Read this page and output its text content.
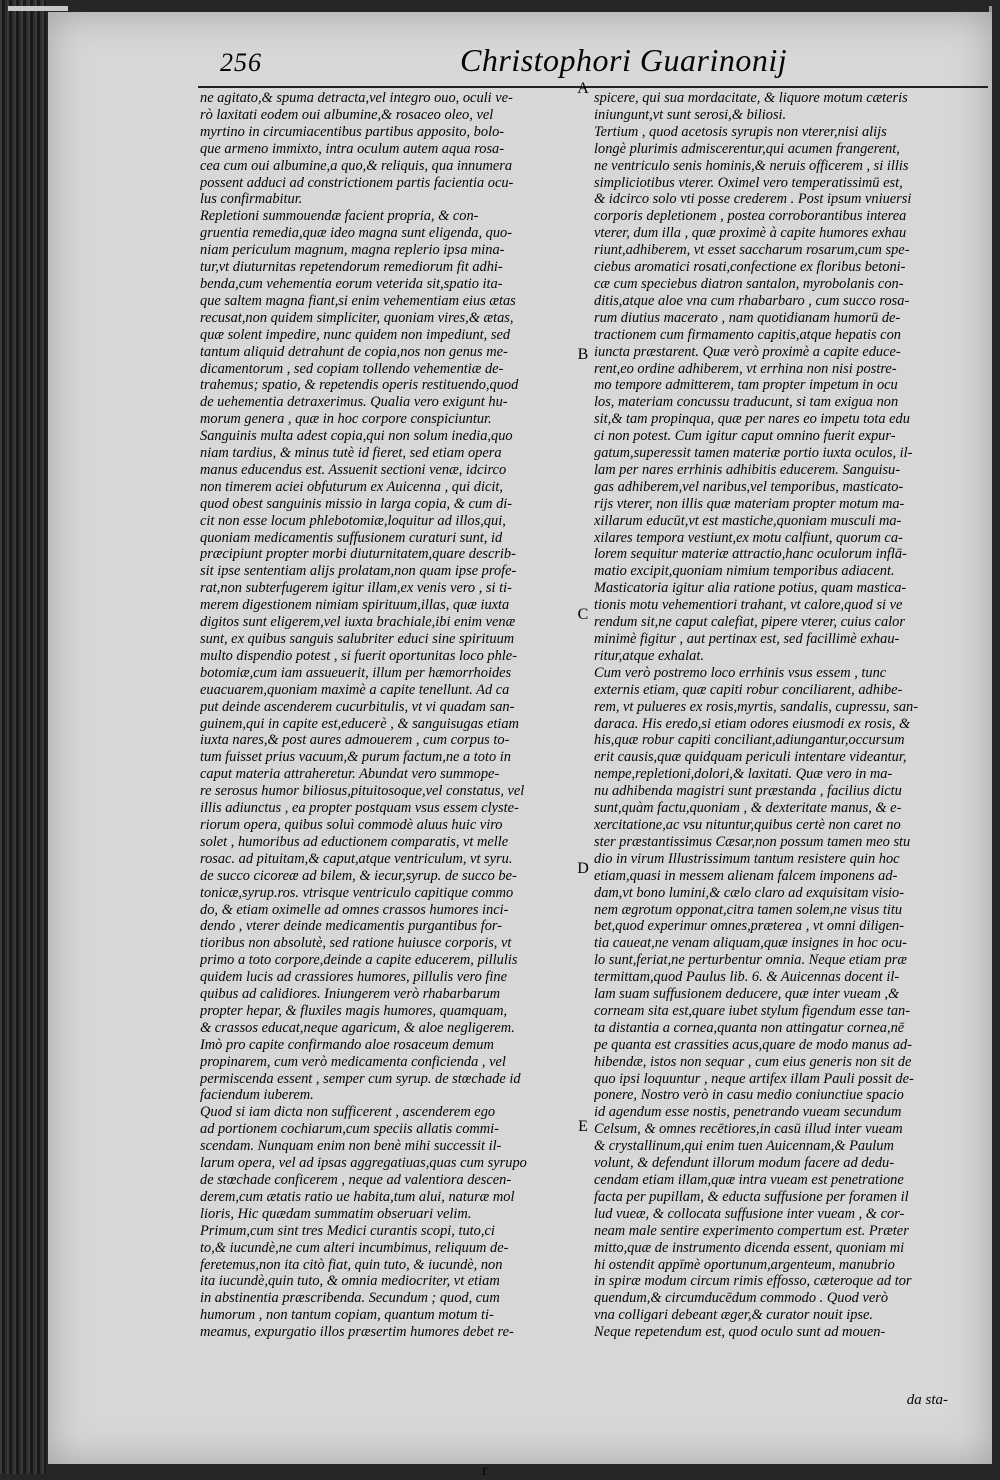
256	Christophori Guarinonij
ne agitato,& spuma detracta,vel integro ouo, oculi ve-
rò laxitati eodem oui albumine,& rosaceo oleo, vel
myrtino in circumiacentibus partibus apposito, bolo-
que armeno immixto, intra oculum autem aqua rosa-
cea cum oui albumine,a quo,& reliquis, qua innumera
possent adduci ad constrictionem partis facientia ocu-
lus confirmabitur.
Repletioni summouendæ facient propria, & con-
gruentia remedia,quæ ideo magna sunt eligenda, quo-
niam periculum magnum, magna replerio ipsa mina-
tur,vt diuturnitas repetendorum remediorum fit adhi-
benda,cum vehementia eorum veterida sit,spatio ita-
que saltem magna fiant,si enim vehementiam eius ætas
recusat,non quidem simpliciter, quoniam vires,& ætas,
quæ solent impedire, nunc quidem non impediunt, sed
tantum aliquid detrahunt de copia,nos non genus me-
dicamentorum , sed copiam tollendo vehementiæ de-
trahemus; spatio, & repetendis operis restituendo,quod
de uehementia detraxerimus. Qualia vero exigunt hu-
morum genera , quæ in hoc corpore conspiciuntur.
Sanguinis multa adest copia,qui non solum inedia,quo
niam tardius, & minus tutè id fieret, sed etiam opera
manus educendus est. Assuenit sectioni venæ, idcirco
non timerem aciei obfuturum ex Auicenna , qui dicit,
quod obest sanguinis missio in larga copia, & cum di-
cit non esse locum phlebotomiæ,loquitur ad illos,qui,
quoniam medicamentis suffusionem curaturi sunt, id
præcipiunt propter morbi diuturnitatem,quare describ-
sit ipse sententiam alijs prolatam,non quam ipse profe-
rat,non subterfugerem igitur illam,ex venis vero , si ti-
merem digestionem nimiam spirituum,illas, quæ iuxta
digitos sunt eligerem,vel iuxta brachiale,ibi enim venæ
sunt, ex quibus sanguis salubriter educi sine spirituum
multo dispendio potest , si fuerit oportunitas loco phle-
botomiæ,cum iam assueuerit, illum per hæmorrhoides
euacuarem,quoniam maximè a capite tenellunt. Ad ca
put deinde ascenderem cucurbitulis, vt vi quadam san-
guinem,qui in capite est,educerè , & sanguisugas etiam
iuxta nares,& post aures admouerem , cum corpus to-
tum fuisset prius vacuum,& purum factum,ne a toto in
caput materia attraheretur. Abundat vero summope-
re serosus humor biliosus,pituitosoque,vel constatus, vel
illis adiunctus , ea propter postquam vsus essem clyste-
riorum opera, quibus soluì commodè aluus huic viro
solet , humoribus ad eductionem comparatis, vt melle
rosac. ad pituitam,& caput,atque ventriculum, vt syru.
de succo cicoreæ ad bilem, & iecur,syrup. de succo be-
tonicæ,syrup.ros. vtrisque ventriculo capitique commo
do, & etiam oximelle ad omnes crassos humores inci-
dendo , vterer deinde medicamentis purgantibus for-
tioribus non absolutè, sed ratione huiusce corporis, vt
primo a toto corpore,deinde a capite educerem, pillulis
quidem lucis ad crassiores humores, pillulis vero fine
quibus ad calidiores. Iniungerem verò rhabarbarum
propter hepar, & fluxiles magis humores, quamquam,
& crassos educat,neque agaricum, & aloe negligerem.
Imò pro capite confirmando aloe rosaceum demum
propinarem, cum verò medicamenta conficienda , vel
permiscenda essent , semper cum syrup. de stœchade id
faciendum iuberem.
Quod si iam dicta non sufficerent , ascenderem ego
ad portionem cochiarum,cum speciis allatis commi-
scendam. Nunquam enim non benè mihi successit il-
larum opera, vel ad ipsas aggregatiuas,quas cum syrupo
de stœchade conficerem , neque ad valentiora descen-
derem,cum ætatis ratio ue habita,tum alui, naturæ mol
lioris, Hic quædam summatim obseruari velim.
Primum,cum sint tres Medici curantis scopi, tuto,ci
to,& iucundè,ne cum alteri incumbimus, reliquum de-
feretemus,non ita citò fiat, quin tuto, & iucundè, non
ita iucundè,quin tuto, & omnia mediocriter, vt etiam
in abstinentia præscribenda. Secundum ; quod, cum
humorum , non tantum copiam, quantum motum ti-
meamus, expurgatio illos præsertim humores debet re-
A
B
C
D
E
spicere, qui sua mordacitate, & liquore motum cæteris
iniungunt,vt sunt serosi,& biliosi.
Tertium , quod acetosis syrupis non vterer,nisi alijs
longè plurimis admiscerentur,qui acumen frangerent,
ne ventriculo senis hominis,& neruis officerem , si illis
simpliciotibus vterer. Oximel vero temperatissimū est,
& idcirco solo vti posse crederem . Post ipsum vniuersi
corporis depletionem , postea corroborantibus interea
vterer, dum illa , quæ proximè à capite humores exhau
riunt,adhiberem, vt esset saccharum rosarum,cum spe-
ciebus aromatici rosati,confectione ex floribus betoni-
cæ cum speciebus diatron santalon, myrobolanis con-
ditis,atque aloe vna cum rhabarbaro , cum succo rosa-
rum diutius macerato , nam quotidianam humorū de-
tractionem cum firmamento capitis,atque hepatis con
iuncta præstarent. Quæ verò proximè a capite educe-
rent,eo ordine adhiberem, vt errhina non nisi postre-
mo tempore admitterem, tam propter impetum in ocu
los, materiam concussu traducunt, si tam exigua non
sit,& tam propinqua, quæ per nares eo impetu tota edu
ci non potest. Cum igitur caput omnino fuerit expur-
gatum,superessit tamen materiæ portio iuxta oculos, il-
lam per nares errhinis adhibitis educerem. Sanguisu-
gas adhiberem,vel naribus,vel temporibus, masticato-
rijs vterer, non illis quæ materiam propter motum ma-
xillarum educūt,vt est mastiche,quoniam musculi ma-
xilares tempora vestiunt,ex motu calfiunt, quorum ca-
lorem sequitur materiæ attractio,hanc oculorum inflā-
matio excipit,quoniam nimium temporibus adiacent.
Masticatoria igitur alia ratione potius, quam mastica-
tionis motu vehementiori trahant, vt calore,quod si ve
rendum sit,ne caput calefiat, pipere vterer, cuius calor
minimè figitur , aut pertinax est, sed facillimè exhau-
ritur,atque exhalat.
Cum verò postremo loco errhinis vsus essem , tunc
externis etiam, quæ capiti robur conciliarent, adhibe-
rem, vt pulueres ex rosis,myrtis, sandalis, cupressu, san-
daraca. His eredo,si etiam odores eiusmodi ex rosis, &
his,quæ robur capiti conciliant,adiungantur,occursum
erit causis,quæ quidquam periculi intentare videantur,
nempe,repletioni,dolori,& laxitati. Quæ vero in ma-
nu adhibenda magistri sunt præstanda , facilius dictu
sunt,quàm factu,quoniam , & dexteritate manus, & e-
xercitatione,ac vsu nituntur,quibus certè non caret no
ster præstantissimus Cæsar,non possum tamen meo stu
dio in virum Illustrissimum tantum resistere quin hoc
etiam,quasi in messem alienam falcem imponens ad-
dam,vt bono lumini,& cælo claro ad exquisitam visio-
nem ægrotum opponat,citra tamen solem,ne visus titu
bet,quod experimur omnes,præterea , vt omni diligen-
tia caueat,ne venam aliquam,quæ insignes in hoc ocu-
lo sunt,feriat,ne perturbentur omnia. Neque etiam præ
termittam,quod Paulus lib. 6. & Auicennas docent il-
lam suam suffusionem deducere, quæ inter vueam ,&
corneam sita est,quare iubet stylum figendum esse tan-
ta distantia a cornea,quanta non attingatur cornea,nē
pe quanta est crassities acus,quare de modo manus ad-
hibendæ, istos non sequar , cum eius generis non sit de
quo ipsi loquuntur , neque artifex illam Pauli possit de-
ponere, Nostro verò in casu medio coniunctiue spacio
id agendum esse nostis, penetrando vueam secundum
Celsum, & omnes recētiores,in casū illud inter vueam
& crystallinum,qui enim tuen Auicennam,& Paulum
volunt, & defendunt illorum modum facere ad dedu-
cendam etiam illam,quæ intra vueam est penetratione
facta per pupillam, & educta suffusione per foramen il
lud vueæ, & collocata suffusione inter vueam , & cor-
neam male sentire experimento compertum est. Præter
mitto,quæ de instrumento dicenda essent, quoniam mi
hi ostendit appīmè oportunum,argenteum, manubrio
in spiræ modum circum rimis effosso, cæteroque ad tor
quendum,& circumducēdum commodo . Quod verò
vna colligari debeant æger,& curator nouit ipse.
Neque repetendum est, quod oculo sunt ad mouen-
da sta-
r
